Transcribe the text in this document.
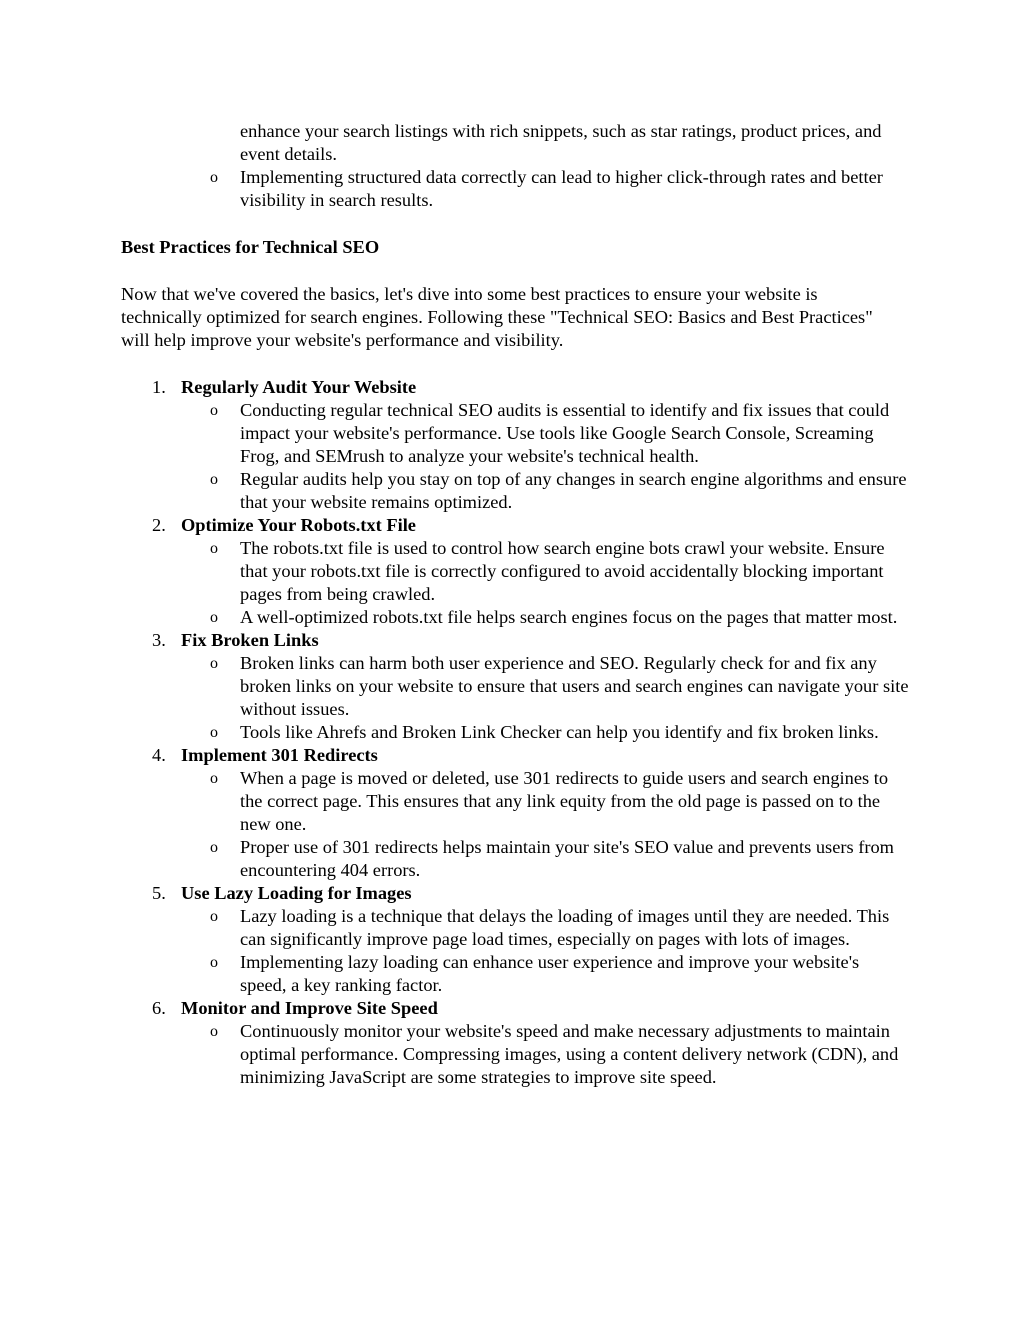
enhance your search listings with rich snippets, such as star ratings, product prices, and event details.
o	Implementing structured data correctly can lead to higher click-through rates and better visibility in search results.
Best Practices for Technical SEO
Now that we've covered the basics, let's dive into some best practices to ensure your website is technically optimized for search engines. Following these "Technical SEO: Basics and Best Practices" will help improve your website's performance and visibility.
1. Regularly Audit Your Website
o	Conducting regular technical SEO audits is essential to identify and fix issues that could impact your website's performance. Use tools like Google Search Console, Screaming Frog, and SEMrush to analyze your website's technical health.
o	Regular audits help you stay on top of any changes in search engine algorithms and ensure that your website remains optimized.
2. Optimize Your Robots.txt File
o	The robots.txt file is used to control how search engine bots crawl your website. Ensure that your robots.txt file is correctly configured to avoid accidentally blocking important pages from being crawled.
o	A well-optimized robots.txt file helps search engines focus on the pages that matter most.
3. Fix Broken Links
o	Broken links can harm both user experience and SEO. Regularly check for and fix any broken links on your website to ensure that users and search engines can navigate your site without issues.
o	Tools like Ahrefs and Broken Link Checker can help you identify and fix broken links.
4. Implement 301 Redirects
o	When a page is moved or deleted, use 301 redirects to guide users and search engines to the correct page. This ensures that any link equity from the old page is passed on to the new one.
o	Proper use of 301 redirects helps maintain your site's SEO value and prevents users from encountering 404 errors.
5. Use Lazy Loading for Images
o	Lazy loading is a technique that delays the loading of images until they are needed. This can significantly improve page load times, especially on pages with lots of images.
o	Implementing lazy loading can enhance user experience and improve your website's speed, a key ranking factor.
6. Monitor and Improve Site Speed
o	Continuously monitor your website's speed and make necessary adjustments to maintain optimal performance. Compressing images, using a content delivery network (CDN), and minimizing JavaScript are some strategies to improve site speed.
